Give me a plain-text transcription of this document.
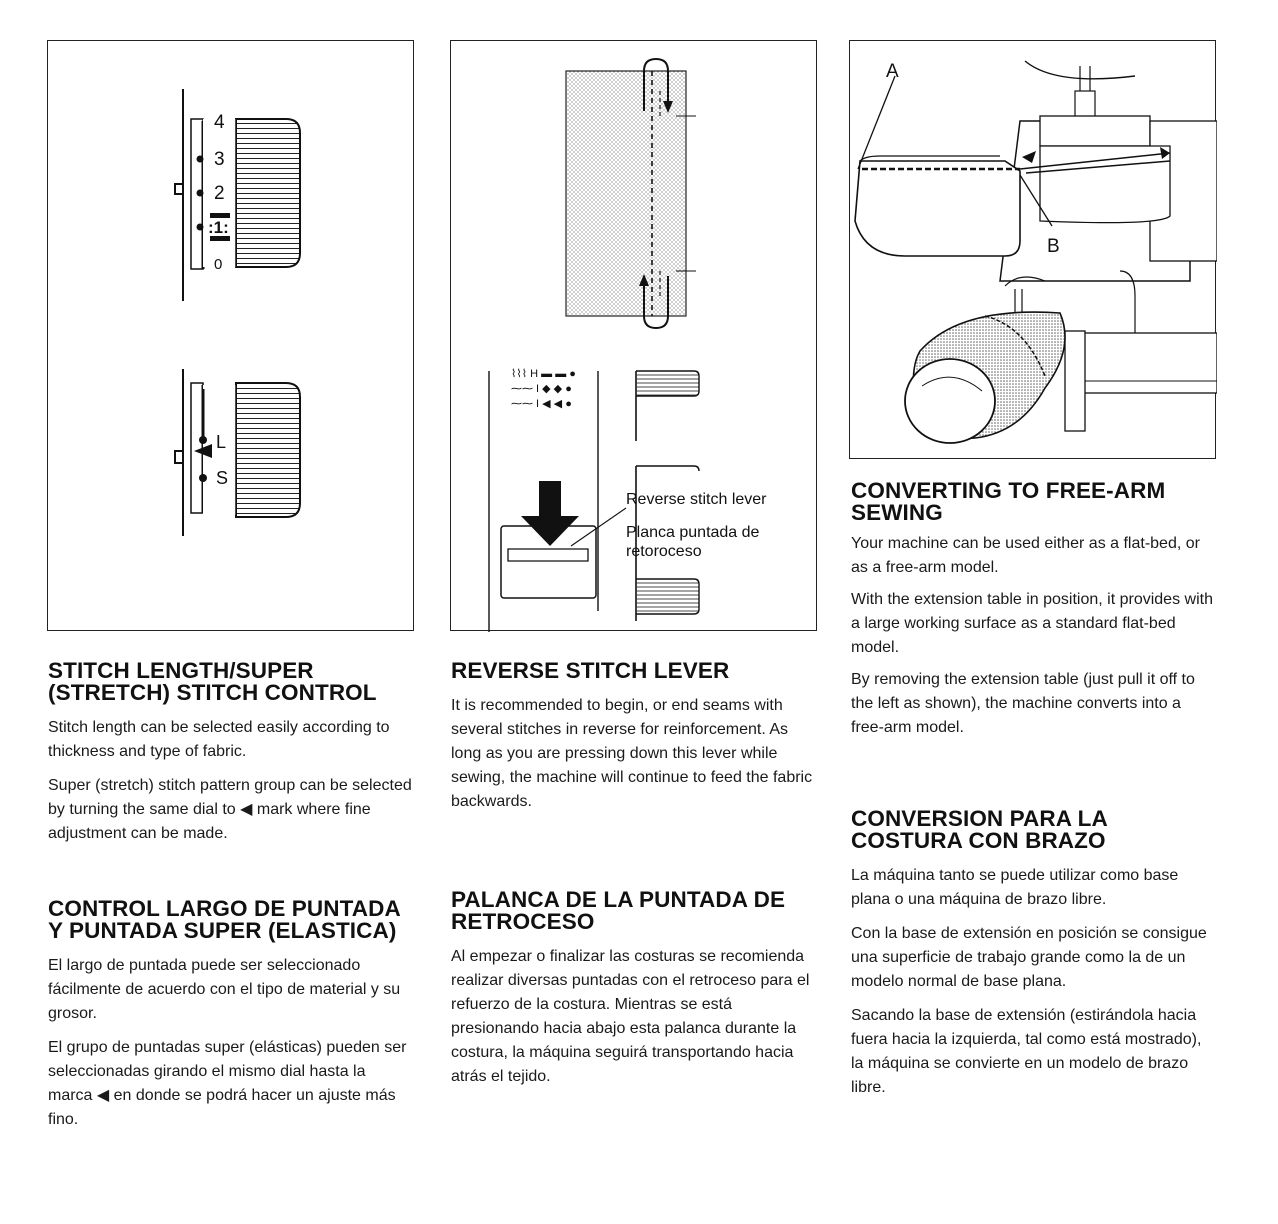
4
3
2
:1:
0
L
S
STITCH LENGTH/SUPER (STRETCH) STITCH CONTROL

Stitch length can be selected easily according to thickness and type of fabric.

Super (stretch) stitch pattern group can be selected by turning the same dial to ◀ mark where fine adjustment can be made.

CONTROL LARGO DE PUNTADA Y PUNTADA SUPER (ELASTICA)

El largo de puntada puede ser seleccionado fácilmente de acuerdo con el tipo de material y su grosor.

El grupo de puntadas super (elásticas) pueden ser seleccionadas girando el mismo dial hasta la marca ◀ en donde se podrá hacer un ajuste más fino.

⌇⌇⌇ H ▬ ▬ ●
⁓⁓ I ◆ ◆ ●
⁓⁓ I ◀ ◀ ●
Reverse stitch lever
Planca puntada de
retoroceso
REVERSE STITCH LEVER

It is recommended to begin, or end seams with several stitches in reverse for reinforcement. As long as you are pressing down this lever while sewing, the machine will continue to feed the fabric backwards.

PALANCA DE LA PUNTADA DE RETROCESO

Al empezar o finalizar las costuras se recomienda realizar diversas puntadas con el retroceso para el refuerzo de la costura. Mientras se está presionando hacia abajo esta palanca durante la costura, la máquina seguirá transportando hacia atrás el tejido.

A
B
CONVERTING TO FREE-ARM SEWING

Your machine can be used either as a flat-bed, or as a free-arm model.

With the extension table in position, it provides with a large working surface as a standard flat-bed model.

By removing the extension table (just pull it off to the left as shown), the machine converts into a free-arm model.

CONVERSION PARA LA COSTURA CON BRAZO

La máquina tanto se puede utilizar como base plana o una máquina de brazo libre.

Con la base de extensión en posición se consigue una superficie de trabajo grande como la de un modelo normal de base plana.

Sacando la base de extensión (estirándola hacia fuera hacia la izquierda, tal como está mostrado), la máquina se convierte en un modelo de brazo libre.
